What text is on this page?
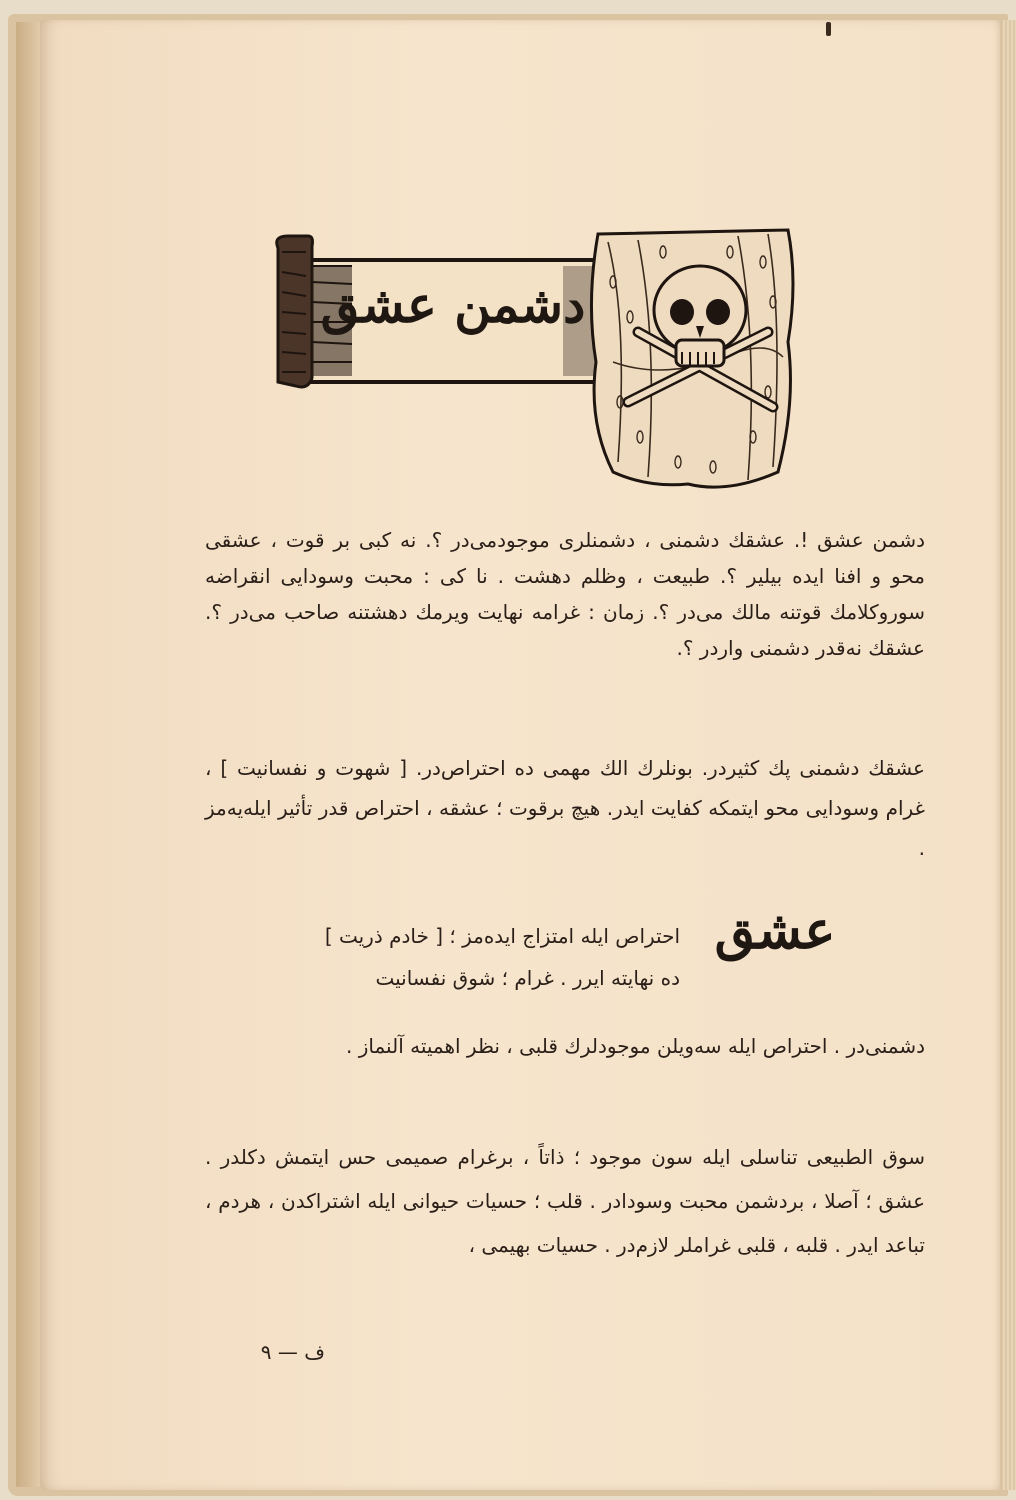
دشمن عشق

دشمن عشق !. عشقك دشمنى ، دشمنلرى موجودمى‌در ؟. نه كبى بر قوت ، عشقى محو و افنا ايده بيلير ؟. طبيعت ، وظلم دهشت . نا كى : محبت وسودايى انقراضه سوروكلامك قوتنه مالك مى‌در ؟. زمان : غرامه نهايت ويرمك دهشتنه صاحب مى‌در ؟. عشقك نه‌قدر دشمنى واردر ؟.

عشقك دشمنى پك كثيردر. بونلرك الك مهمى ده احتراص‌در. [ شهوت و نفسانيت ] ، غرام وسودايى محو ايتمكه كفايت ايدر. هيچ برقوت ؛ عشقه ، احتراص قدر تأثير ايله‌يه‌مز .

عشق
احتراص ايله امتزاج ايده‌مز ؛ [ خادم ذريت ]
ده نهايته ايرر . غرام ؛ شوق نفسانيت

دشمنى‌در . احتراص ايله سه‌ويلن موجودلرك قلبى ، نظر اهميته آلنماز .

سوق الطبيعى تناسلى ايله سون موجود ؛ ذاتاً ، برغرام صميمى حس ايتمش دكلدر . عشق ؛ آصلا ، بردشمن محبت وسودادر . قلب ؛ حسيات حيوانى ايله اشتراكدن ، هردم ، تباعد ايدر . قلبه ، قلبى غراملر لازم‌در . حسيات بهيمى ،

ف — ٩
